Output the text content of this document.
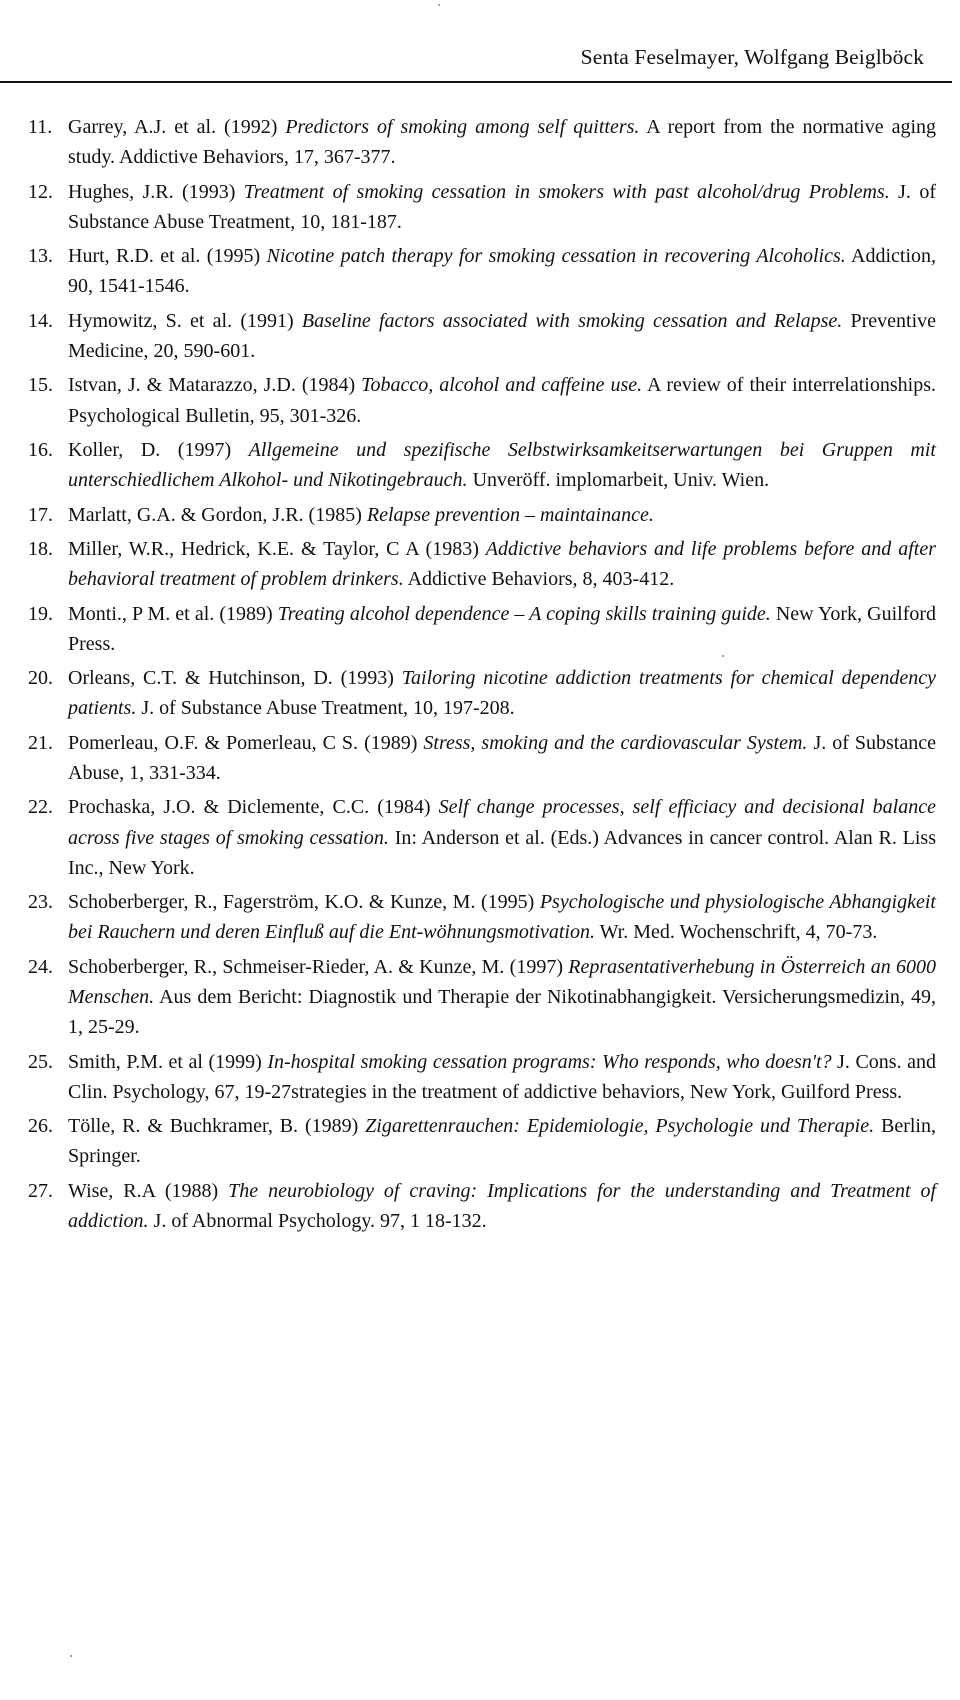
Senta Feselmayer, Wolfgang Beiglböck
11. Garrey, A.J. et al. (1992) Predictors of smoking among self quitters. A report from the normative aging study. Addictive Behaviors, 17, 367-377.
12. Hughes, J.R. (1993) Treatment of smoking cessation in smokers with past alcohol/drug Problems. J. of Substance Abuse Treatment, 10, 181-187.
13. Hurt, R.D. et al. (1995) Nicotine patch therapy for smoking cessation in recovering Alcoholics. Addiction, 90, 1541-1546.
14. Hymowitz, S. et al. (1991) Baseline factors associated with smoking cessation and Relapse. Preventive Medicine, 20, 590-601.
15. Istvan, J. & Matarazzo, J.D. (1984) Tobacco, alcohol and caffeine use. A review of their interrelationships. Psychological Bulletin, 95, 301-326.
16. Koller, D. (1997) Allgemeine und spezifische Selbstwirksamkeitserwartungen bei Gruppen mit unterschiedlichem Alkohol- und Nikotingebrauch. Unveröff. implomarbeit, Univ. Wien.
17. Marlatt, G.A. & Gordon, J.R. (1985) Relapse prevention – maintainance.
18. Miller, W.R., Hedrick, K.E. & Taylor, C A (1983) Addictive behaviors and life problems before and after behavioral treatment of problem drinkers. Addictive Behaviors, 8, 403-412.
19. Monti., P M. et al. (1989) Treating alcohol dependence – A coping skills training guide. New York, Guilford Press.
20. Orleans, C.T. & Hutchinson, D. (1993) Tailoring nicotine addiction treatments for chemical dependency patients. J. of Substance Abuse Treatment, 10, 197-208.
21. Pomerleau, O.F. & Pomerleau, C S. (1989) Stress, smoking and the cardiovascular System. J. of Substance Abuse, 1, 331-334.
22. Prochaska, J.O. & Diclemente, C.C. (1984) Self change processes, self efficiacy and decisional balance across five stages of smoking cessation. In: Anderson et al. (Eds.) Advances in cancer control. Alan R. Liss Inc., New York.
23. Schoberberger, R., Fagerström, K.O. & Kunze, M. (1995) Psychologische und physiologische Abhangigkeit bei Rauchern und deren Einfluß auf die Ent-wöhnungsmotivation. Wr. Med. Wochenschrift, 4, 70-73.
24. Schoberberger, R., Schmeiser-Rieder, A. & Kunze, M. (1997) Reprasentativerhebung in Österreich an 6000 Menschen. Aus dem Bericht: Diagnostik und Therapie der Nikotinabhangigkeit. Versicherungsmedizin, 49, 1, 25-29.
25. Smith, P.M. et al (1999) In-hospital smoking cessation programs: Who responds, who doesn't? J. Cons. and Clin. Psychology, 67, 19-27strategies in the treatment of addictive behaviors, New York, Guilford Press.
26. Tölle, R. & Buchkramer, B. (1989) Zigarettenrauchen: Epidemiologie, Psychologie und Therapie. Berlin, Springer.
27. Wise, R.A (1988) The neurobiology of craving: Implications for the understanding and Treatment of addiction. J. of Abnormal Psychology. 97, 1 18-132.
